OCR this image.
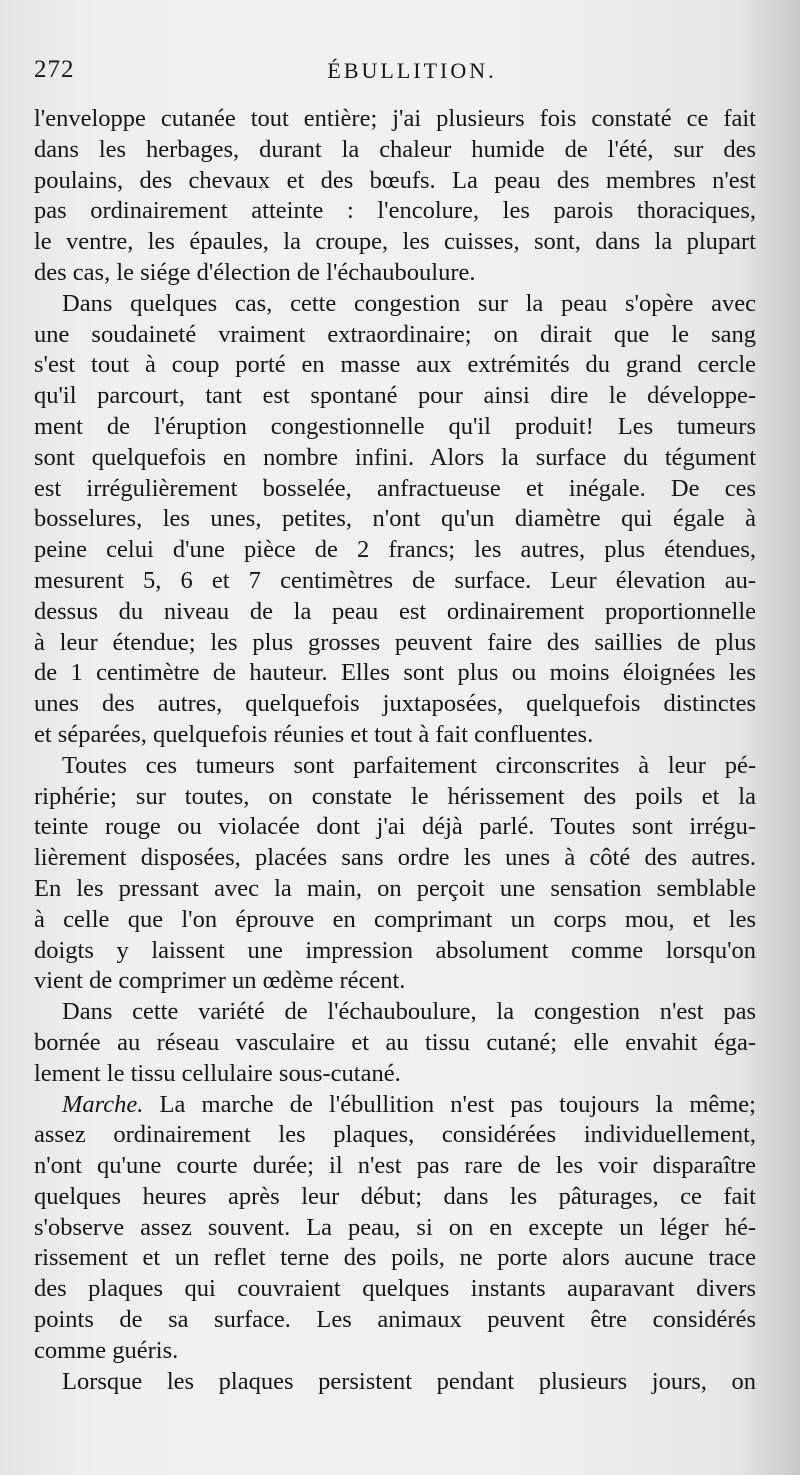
272	ÉBULLITION.
l'enveloppe cutanée tout entière; j'ai plusieurs fois constaté ce fait
dans les herbages, durant la chaleur humide de l'été, sur des
poulains, des chevaux et des bœufs. La peau des membres n'est
pas ordinairement atteinte : l'encolure, les parois thoraciques,
le ventre, les épaules, la croupe, les cuisses, sont, dans la plupart
des cas, le siége d'élection de l'échauboulure.
Dans quelques cas, cette congestion sur la peau s'opère avec
une soudaineté vraiment extraordinaire; on dirait que le sang
s'est tout à coup porté en masse aux extrémités du grand cercle
qu'il parcourt, tant est spontané pour ainsi dire le développe-
ment de l'éruption congestionnelle qu'il produit! Les tumeurs
sont quelquefois en nombre infini. Alors la surface du tégument
est irrégulièrement bosselée, anfractueuse et inégale. De ces
bosselures, les unes, petites, n'ont qu'un diamètre qui égale à
peine celui d'une pièce de 2 francs; les autres, plus étendues,
mesurent 5, 6 et 7 centimètres de surface. Leur élevation au-
dessus du niveau de la peau est ordinairement proportionnelle
à leur étendue; les plus grosses peuvent faire des saillies de plus
de 1 centimètre de hauteur. Elles sont plus ou moins éloignées les
unes des autres, quelquefois juxtaposées, quelquefois distinctes
et séparées, quelquefois réunies et tout à fait confluentes.
Toutes ces tumeurs sont parfaitement circonscrites à leur pé-
riphérie; sur toutes, on constate le hérissement des poils et la
teinte rouge ou violacée dont j'ai déjà parlé. Toutes sont irrégu-
lièrement disposées, placées sans ordre les unes à côté des autres.
En les pressant avec la main, on perçoit une sensation semblable
à celle que l'on éprouve en comprimant un corps mou, et les
doigts y laissent une impression absolument comme lorsqu'on
vient de comprimer un œdème récent.
Dans cette variété de l'échauboulure, la congestion n'est pas
bornée au réseau vasculaire et au tissu cutané; elle envahit éga-
lement le tissu cellulaire sous-cutané.
Marche. La marche de l'ébullition n'est pas toujours la même;
assez ordinairement les plaques, considérées individuellement,
n'ont qu'une courte durée; il n'est pas rare de les voir disparaître
quelques heures après leur début; dans les pâturages, ce fait
s'observe assez souvent. La peau, si on en excepte un léger hé-
rissement et un reflet terne des poils, ne porte alors aucune trace
des plaques qui couvraient quelques instants auparavant divers
points de sa surface. Les animaux peuvent être considérés
comme guéris.
Lorsque les plaques persistent pendant plusieurs jours, on
